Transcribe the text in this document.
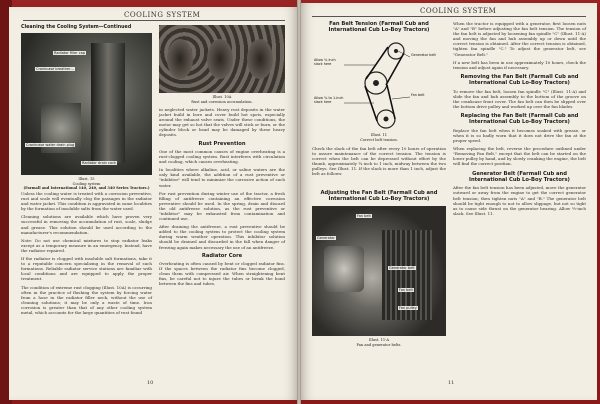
COOLING SYSTEM
Cleaning the Cooling System—Continued
Radiator filler cap
Crankcase breather…
Crankcase water drain plug
Radiator drain cock
Illust. 15
Cooling system
(Farmall and International 140, 240, and 340 Series Tractors.)
Illust. 10A
Rust and corrosion accumulation.

Unless the cooling water is treated with a corrosion preventive, rust and scale will eventually clog the passages in the radiator and water jacket. This condition is aggravated in some localities by the formation of insoluble salts from the water used.

Cleaning solutions are available which have proven very successful in removing the accumulation of rust, scale, sludge and grease. This solution should be used according to the manufacturer's recommendation.

Note: Do not use chemical mixtures to stop radiator leaks except as a temporary measure in an emergency. Instead, have the radiator repaired.

If the radiator is clogged with insoluble salt formations, take it to a reputable concern specializing in the removal of such formations. Reliable radiator service stations are familiar with local conditions and are equipped to apply the proper treatment.

The condition of extreme rust clogging (Illust. 10A) is occurring often in the practice of flushing the system by forcing water from a hose in the radiator filler neck, without the use of cleaning solutions; it may be only a waste of time. Iron corrosion is greater than that of any other cooling system metal, which accounts for the large quantities of rust found

in neglected water jackets. Heavy rust deposits in the water jacket build in bore and cover build hot spots, especially around the exhaust valve seats. Under these conditions, the motor may get so hot that the valves will stick or burn, or the cylinder block or head may be damaged by these heavy deposits.

Rust Prevention

One of the most common causes of engine overheating is a rust-clogged cooling system. Rust interferes with circulation and cooling, which causes overheating.

In localities where alkaline, acid, or saline waters are the only kind available, the addition of a rust preventive or "inhibitor" will tend to minimize the corrosive action of such water.

For rust prevention during winter use of the tractor, a fresh filling of antifreeze containing an effective corrosion preventive should be used. In the spring, drain and discard the old antifreeze solution, as the rust preventive or "inhibitor" may be exhausted from contamination and continued use.

After draining the antifreeze, a rust preventive should be added to the cooling system to protect the cooling system during warm weather operation. This inhibitor solution should be drained and discarded in the fall when danger of freezing again makes necessary the use of an antifreeze.

Radiator Core

Overheating is often caused by bent or clogged radiator fins. If the spaces between the radiator fins become clogged, clean them with compressed air. When straightening bent fins, be careful not to injure the tubes or break the bond between the fins and tubes.

10
COOLING SYSTEM
Fan Belt Tension (Farmall Cub and International Cub Lo-Boy Tractors)
Generator belt
Allow ¾ inch slack here
Fan belt
Allow ¾ to 1-inch slack here
Illust. 11
Correct belt tension.

Check the slack of the fan belt after every 10 hours of operation to assure maintenance of the correct tension. The tension is correct when the belt can be depressed without effort by the thumb, approximately ¾ inch to 1 inch, midway between the two pulleys. See Illust. 11. If the slack is more than 1 inch, adjust the belt as follows:

Adjusting the Fan Belt (Farmall Cub and International Cub Lo-Boy Tractors)
Fan belt
Generator
Generator belt
Fan belt
Fan pulley
Illust. 11-A
Fan and generator belts.

When the tractor is equipped with a generator, first loosen nuts "A" and "B" before adjusting the fan belt tension. The tension of the fan belt is adjusted by loosening fan spindle "C" (Illust. 11-A) and moving the fan and hub assembly up or down until the correct tension is obtained. After the correct tension is obtained, tighten fan spindle "C." To adjust the generator belt, see "Generator Belt."

If a new belt has been in use approximately 10 hours, check the tension and adjust again if necessary.

Removing the Fan Belt (Farmall Cub and International Cub Lo-Boy Tractors)

To remove the fan belt, loosen fan spindle "C" (Illust. 11-A) and slide the fan and hub assembly to the bottom of the groove on the crankcase front cover. The fan belt can then be slipped over the bottom drive pulley and worked up over the fan blades.

Replacing the Fan Belt (Farmall Cub and International Cub Lo-Boy Tractors)

Replace the fan belt when it becomes soaked with grease, or when it is so badly worn that it does not drive the fan at the proper speed.

When replacing the belt, reverse the procedure outlined under "Removing Fan Belt," except that the belt can be started on the lower pulley by hand, and by slowly cranking the engine, the belt will find the correct position.

Generator Belt (Farmall Cub and International Cub Lo-Boy Tractors)

After the fan belt tension has been adjusted, move the generator outward or away from the engine to get the correct generator belt tension; then tighten nuts "A" and "B." The generator belt should be tight enough to not to allow slippage, but not so tight as to cause side thrust on the generator bearing. Allow ½-inch slack. See Illust. 11.

11
